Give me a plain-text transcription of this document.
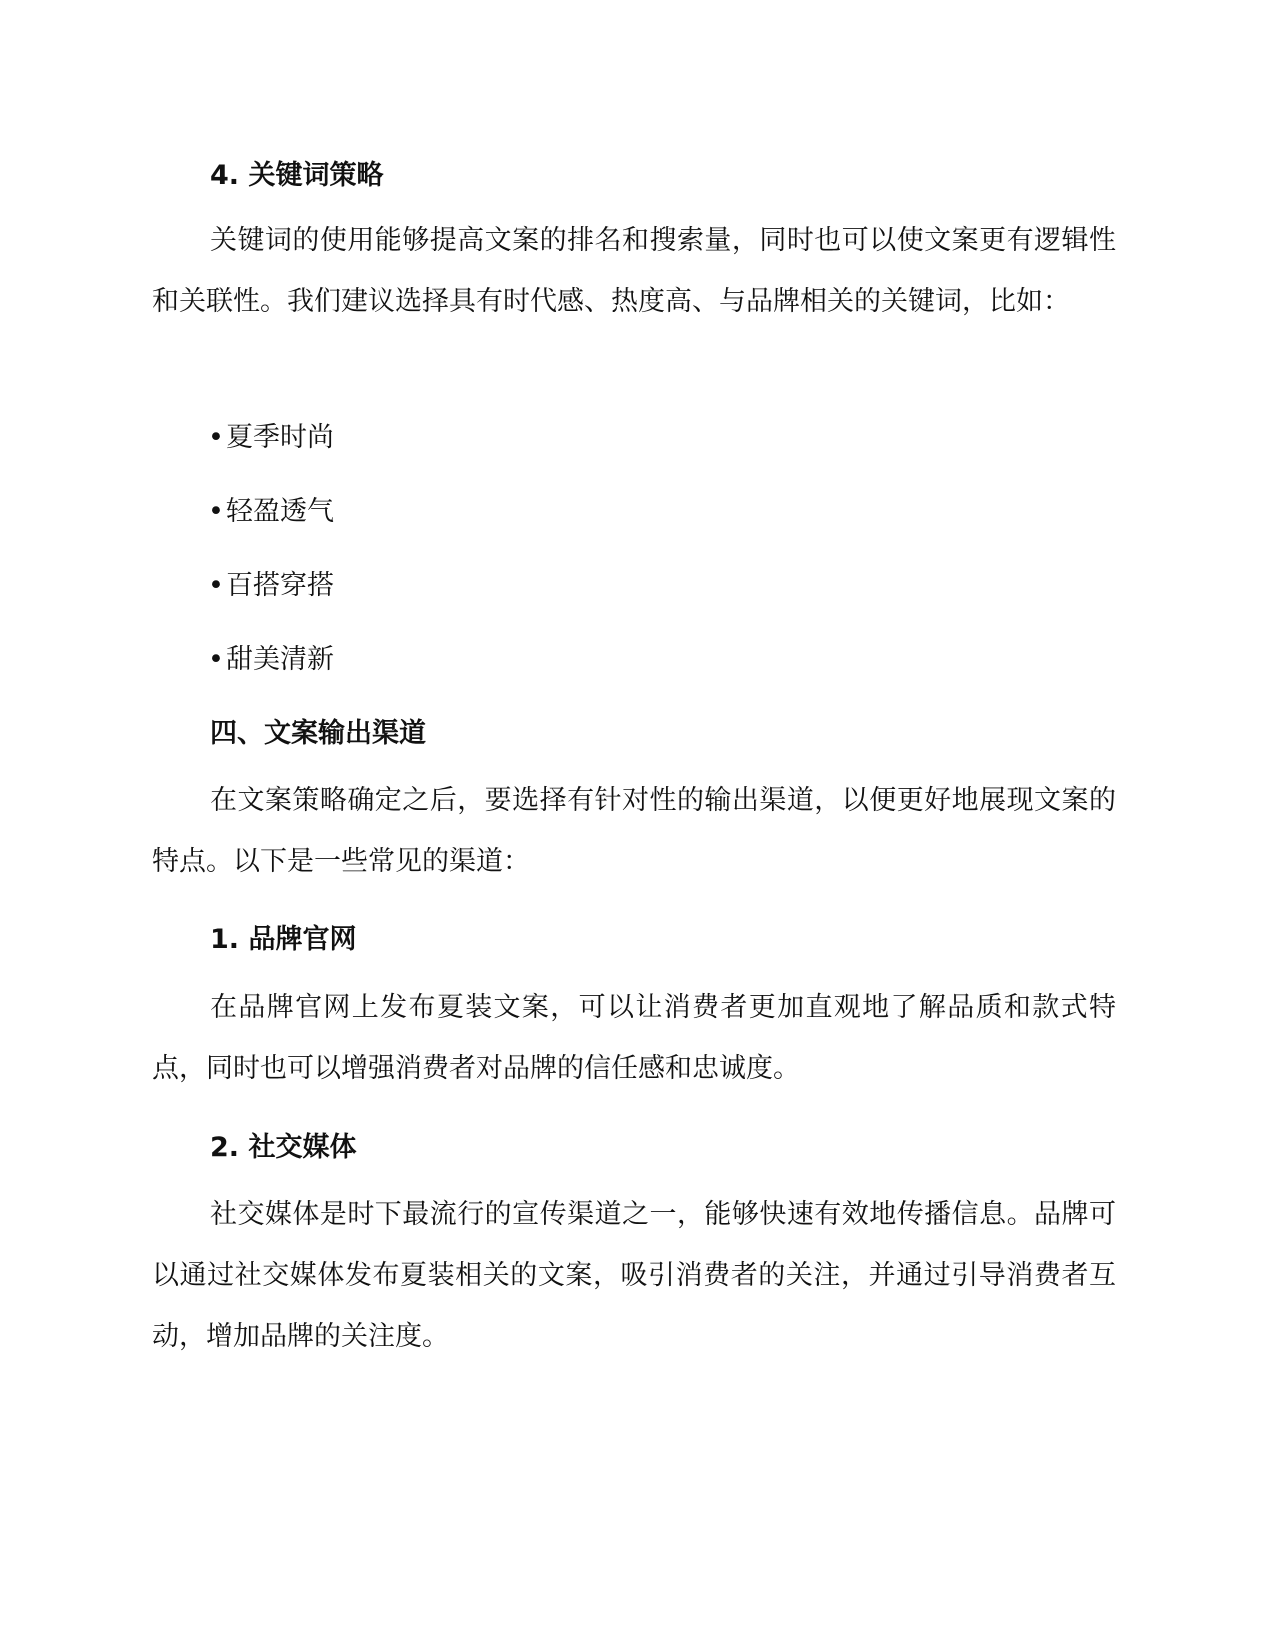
4. 关键词策略

关键词的使用能够提高文案的排名和搜索量，同时也可以使文案更有逻辑性和关联性。我们建议选择具有时代感、热度高、与品牌相关的关键词，比如：

•夏季时尚
•轻盈透气
•百搭穿搭
•甜美清新
四、文案输出渠道

在文案策略确定之后，要选择有针对性的输出渠道，以便更好地展现文案的特点。以下是一些常见的渠道：

1. 品牌官网

在品牌官网上发布夏装文案，可以让消费者更加直观地了解品质和款式特点，同时也可以增强消费者对品牌的信任感和忠诚度。

2. 社交媒体

社交媒体是时下最流行的宣传渠道之一，能够快速有效地传播信息。品牌可以通过社交媒体发布夏装相关的文案，吸引消费者的关注，并通过引导消费者互动，增加品牌的关注度。
